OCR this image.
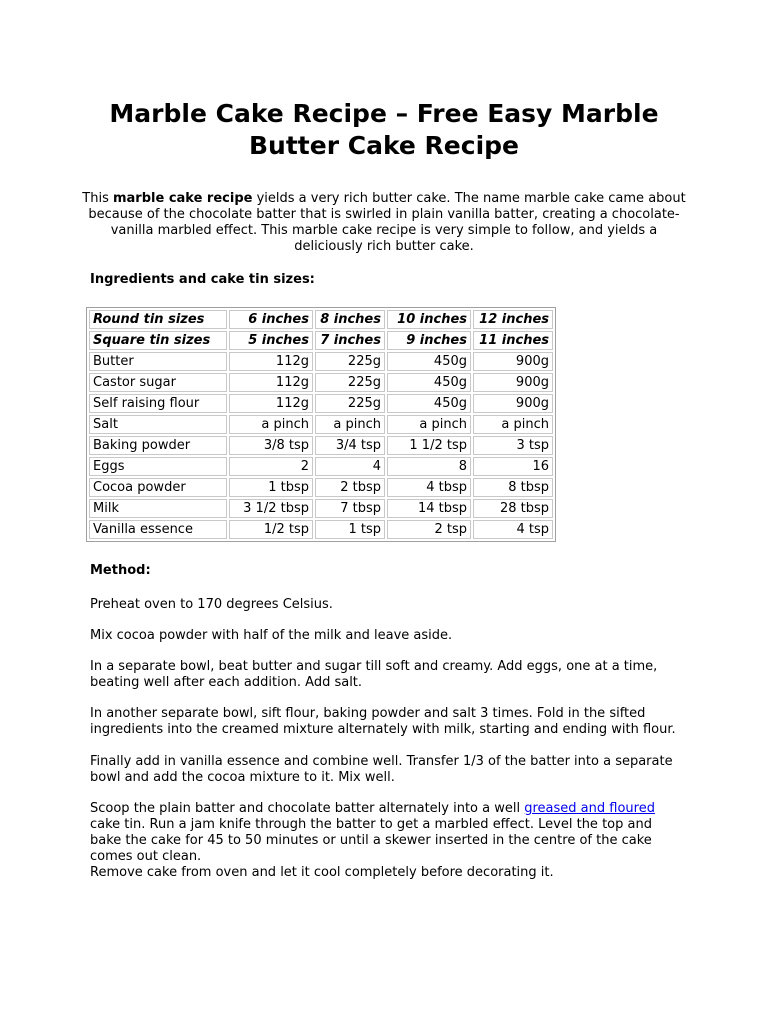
Marble Cake Recipe – Free Easy Marble
Butter Cake Recipe

This marble cake recipe yields a very rich butter cake. The name marble cake came about because of the chocolate batter that is swirled in plain vanilla batter, creating a chocolate-vanilla marbled effect. This marble cake recipe is very simple to follow, and yields a deliciously rich butter cake.

Ingredients and cake tin sizes:

Round tin sizes	6 inches	8 inches	10 inches	12 inches
Square tin sizes	5 inches	7 inches	9 inches	11 inches
Butter	112g	225g	450g	900g
Castor sugar	112g	225g	450g	900g
Self raising flour	112g	225g	450g	900g
Salt	a pinch	a pinch	a pinch	a pinch
Baking powder	3/8 tsp	3/4 tsp	1 1/2 tsp	3 tsp
Eggs	2	4	8	16
Cocoa powder	1 tbsp	2 tbsp	4 tbsp	8 tbsp
Milk	3 1/2 tbsp	7 tbsp	14 tbsp	28 tbsp
Vanilla essence	1/2 tsp	1 tsp	2 tsp	4 tsp

Method:

Preheat oven to 170 degrees Celsius.

Mix cocoa powder with half of the milk and leave aside.

In a separate bowl, beat butter and sugar till soft and creamy. Add eggs, one at a time, beating well after each addition. Add salt.

In another separate bowl, sift flour, baking powder and salt 3 times. Fold in the sifted ingredients into the creamed mixture alternately with milk, starting and ending with flour.

Finally add in vanilla essence and combine well. Transfer 1/3 of the batter into a separate bowl and add the cocoa mixture to it. Mix well.

Scoop the plain batter and chocolate batter alternately into a well greased and floured cake tin. Run a jam knife through the batter to get a marbled effect. Level the top and bake the cake for 45 to 50 minutes or until a skewer inserted in the centre of the cake comes out clean.
Remove cake from oven and let it cool completely before decorating it.
